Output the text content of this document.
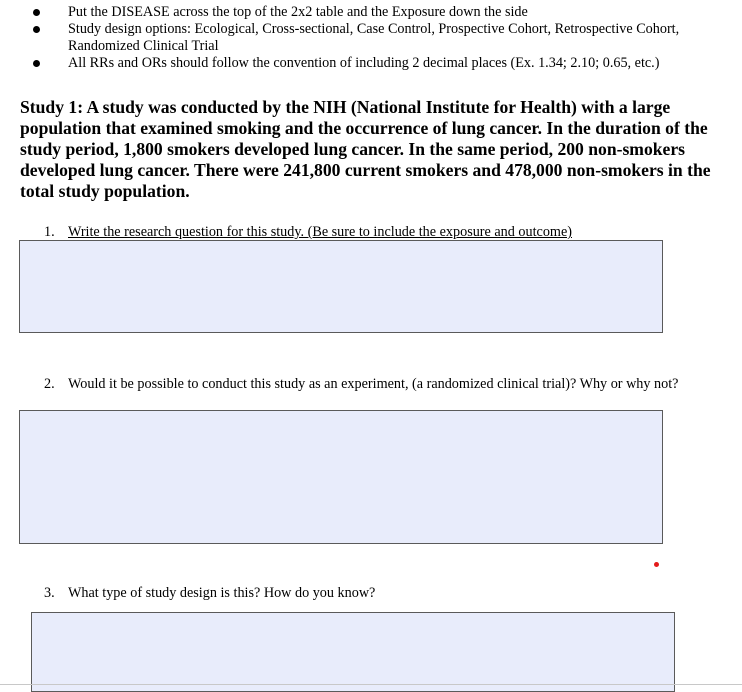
Put the DISEASE across the top of the 2x2 table and the Exposure down the side
Study design options: Ecological, Cross-sectional, Case Control, Prospective Cohort, Retrospective Cohort, Randomized Clinical Trial
All RRs and ORs should follow the convention of including 2 decimal places (Ex. 1.34; 2.10; 0.65, etc.)

Study 1: A study was conducted by the NIH (National Institute for Health) with a large population that examined smoking and the occurrence of lung cancer. In the duration of the study period, 1,800 smokers developed lung cancer. In the same period, 200 non-smokers developed lung cancer. There were 241,800 current smokers and 478,000 non-smokers in the total study population.

1. Write the research question for this study. (Be sure to include the exposure and outcome)
2. Would it be possible to conduct this study as an experiment, (a randomized clinical trial)? Why or why not?
3. What type of study design is this? How do you know?
